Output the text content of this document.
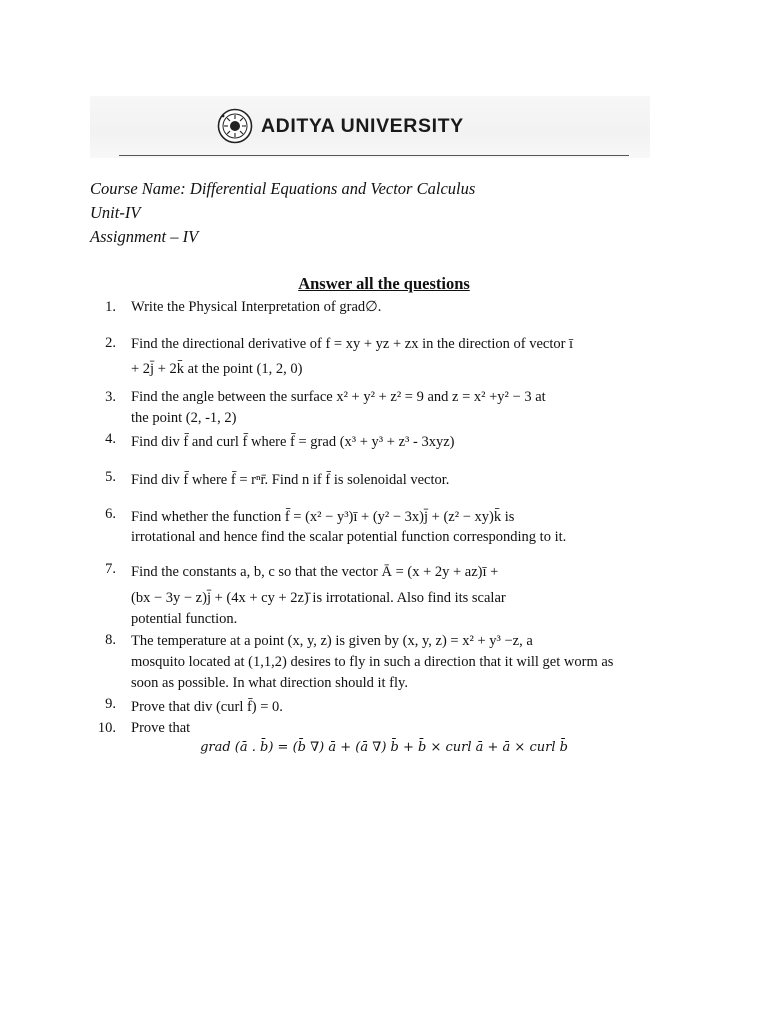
ADITYA UNIVERSITY
Course Name: Differential Equations and Vector Calculus
Unit-IV
Assignment – IV
Answer all the questions
1. Write the Physical Interpretation of grad∅.
2. Find the directional derivative of f = xy + yz + zx in the direction of vector ī
+ 2j̄ + 2k̄ at the point (1, 2, 0)
3. Find the angle between the surface x² + y² + z² = 9 and z = x² +y² − 3 at
the point (2, -1, 2)
4. Find div f̄ and curl f̄ where f̄ = grad (x³ + y³ + z³ - 3xyz)
5. Find div f̄ where f̄ = rⁿr̄. Find n if f̄ is solenoidal vector.
6. Find whether the function f̄ = (x² − y³)ī + (y² − 3x)j̄ + (z² − xy)k̄ is
irrotational and hence find the scalar potential function corresponding to it.
7. Find the constants a, b, c so that the vector Ā = (x + 2y + az)ī +
(bx − 3y − z)j̄ + (4x + cy + 2z)̄ is irrotational. Also find its scalar
potential function.
8. The temperature at a point (x, y, z) is given by (x, y, z) = x² + y³ −z, a
mosquito located at (1,1,2) desires to fly in such a direction that it will get worm as
soon as possible. In what direction should it fly.
9. Prove that div (curl f̄) = 0.
10. Prove that
grad (ā . b̄) = (b̄ ∇) ā + (ā ∇) b̄ + b̄ × curl ā + ā × curl b̄
